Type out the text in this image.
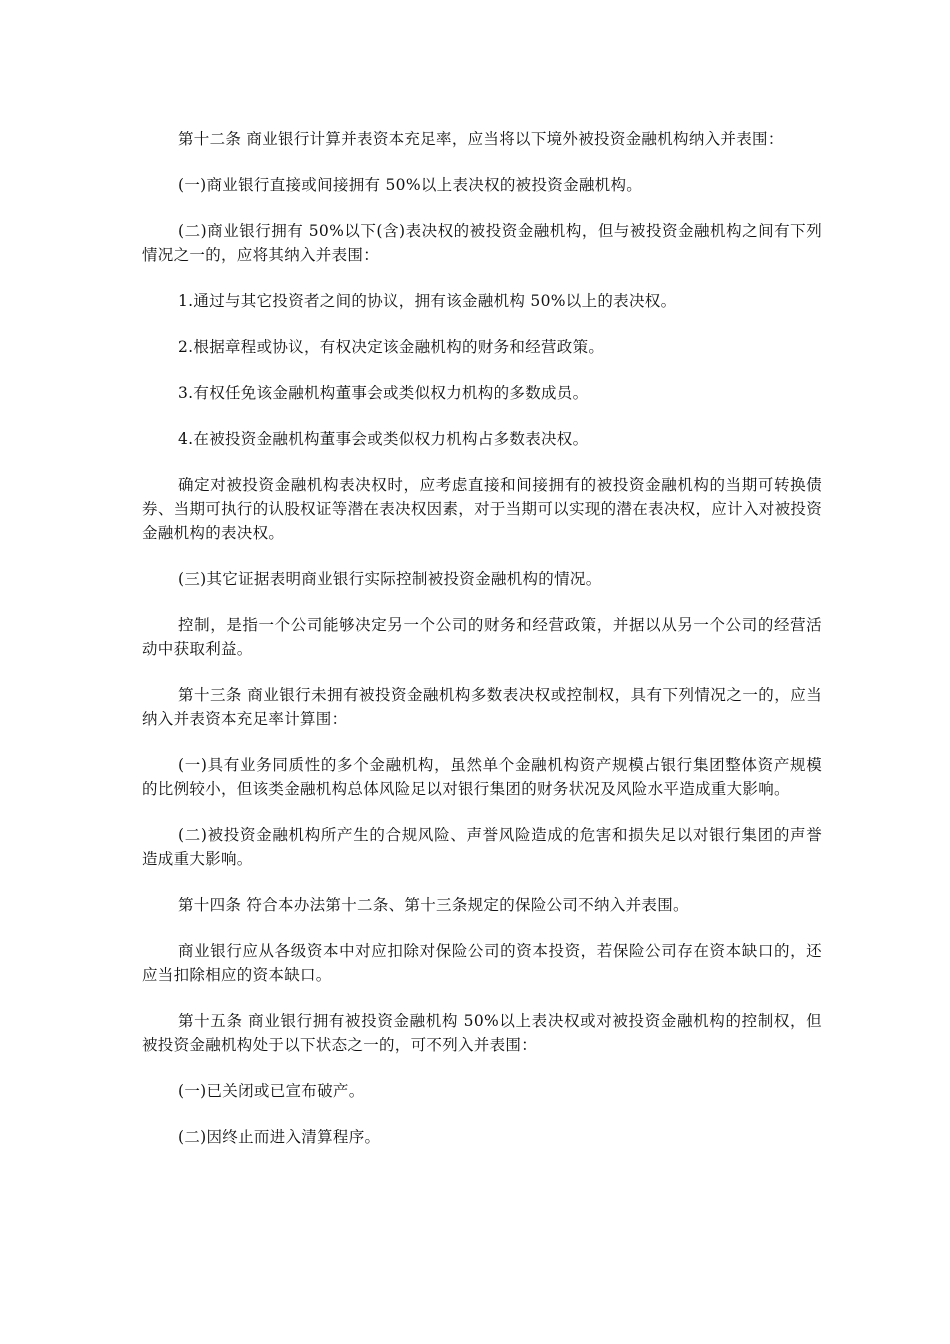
第十二条 商业银行计算并表资本充足率，应当将以下境外被投资金融机构纳入并表围：

(一)商业银行直接或间接拥有 50%以上表决权的被投资金融机构。

(二)商业银行拥有 50%以下(含)表决权的被投资金融机构，但与被投资金融机构之间有下列情况之一的，应将其纳入并表围：

1.通过与其它投资者之间的协议，拥有该金融机构 50%以上的表决权。

2.根据章程或协议，有权决定该金融机构的财务和经营政策。

3.有权任免该金融机构董事会或类似权力机构的多数成员。

4.在被投资金融机构董事会或类似权力机构占多数表决权。

确定对被投资金融机构表决权时，应考虑直接和间接拥有的被投资金融机构的当期可转换债券、当期可执行的认股权证等潜在表决权因素，对于当期可以实现的潜在表决权，应计入对被投资金融机构的表决权。

(三)其它证据表明商业银行实际控制被投资金融机构的情况。

控制，是指一个公司能够决定另一个公司的财务和经营政策，并据以从另一个公司的经营活动中获取利益。

第十三条 商业银行未拥有被投资金融机构多数表决权或控制权，具有下列情况之一的，应当纳入并表资本充足率计算围：

(一)具有业务同质性的多个金融机构，虽然单个金融机构资产规模占银行集团整体资产规模的比例较小，但该类金融机构总体风险足以对银行集团的财务状况及风险水平造成重大影响。

(二)被投资金融机构所产生的合规风险、声誉风险造成的危害和损失足以对银行集团的声誉造成重大影响。

第十四条 符合本办法第十二条、第十三条规定的保险公司不纳入并表围。

商业银行应从各级资本中对应扣除对保险公司的资本投资，若保险公司存在资本缺口的，还应当扣除相应的资本缺口。

第十五条 商业银行拥有被投资金融机构 50%以上表决权或对被投资金融机构的控制权，但被投资金融机构处于以下状态之一的，可不列入并表围：

(一)已关闭或已宣布破产。

(二)因终止而进入清算程序。
